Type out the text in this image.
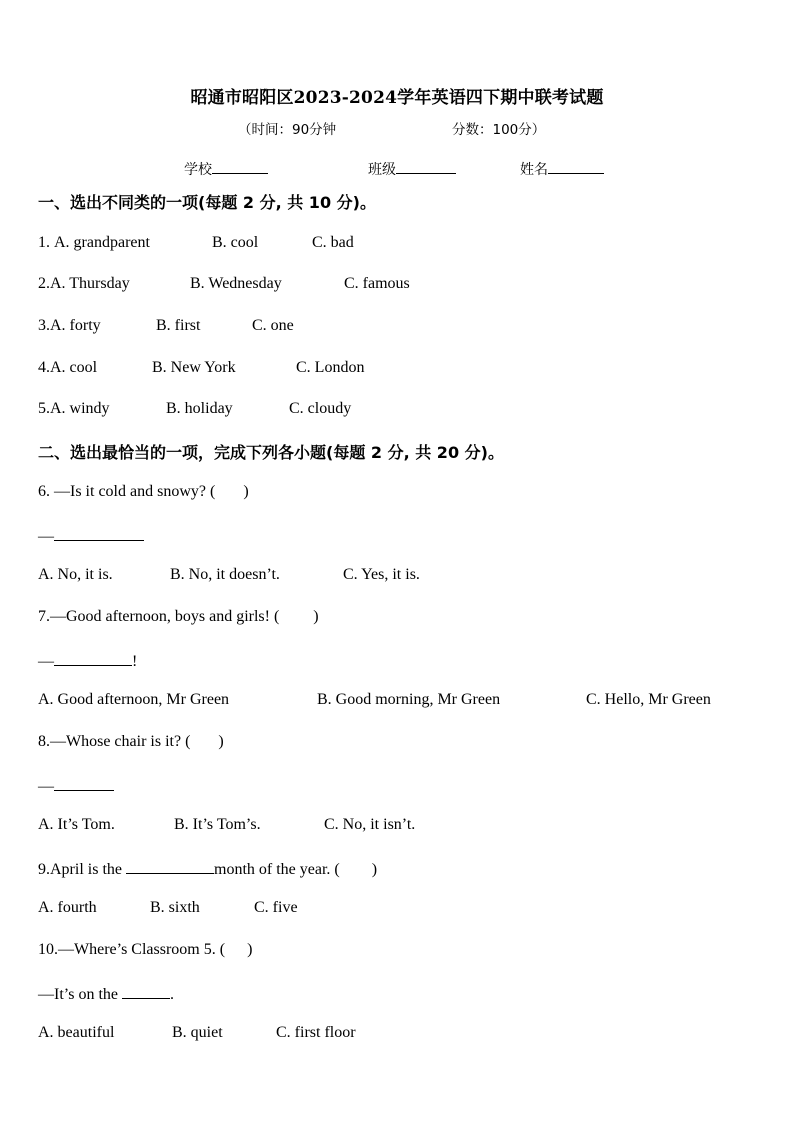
昭通市昭阳区2023-2024学年英语四下期中联考试题
（时间：90分钟	分数：100分）
学校	班级	姓名
一、选出不同类的一项(每题 2 分, 共 10 分)。
1. A. grandparent	B. cool	C. bad
2.A. Thursday	B. Wednesday	C. famous
3.A. forty	B. first	C. one
4.A. cool	B. New York	C. London
5.A. windy	B. holiday	C. cloudy
二、选出最恰当的一项，完成下列各小题(每题 2 分, 共 20 分)。
6. —Is it cold and snowy? ( )
—
A. No, it is.	B. No, it doesn’t.	C. Yes, it is.
7.—Good afternoon, boys and girls! ( )
—	!
A. Good afternoon, Mr Green	B. Good morning, Mr Green	C. Hello, Mr Green
8.—Whose chair is it? ( )
—
A. It’s Tom.	B. It’s Tom’s.	C. No, it isn’t.
9.April is the	month of the year. ( )
A. fourth	B. sixth	C. five
10.—Where’s Classroom 5. ( )
—It’s on the	.
A. beautiful	B. quiet	C. first floor
